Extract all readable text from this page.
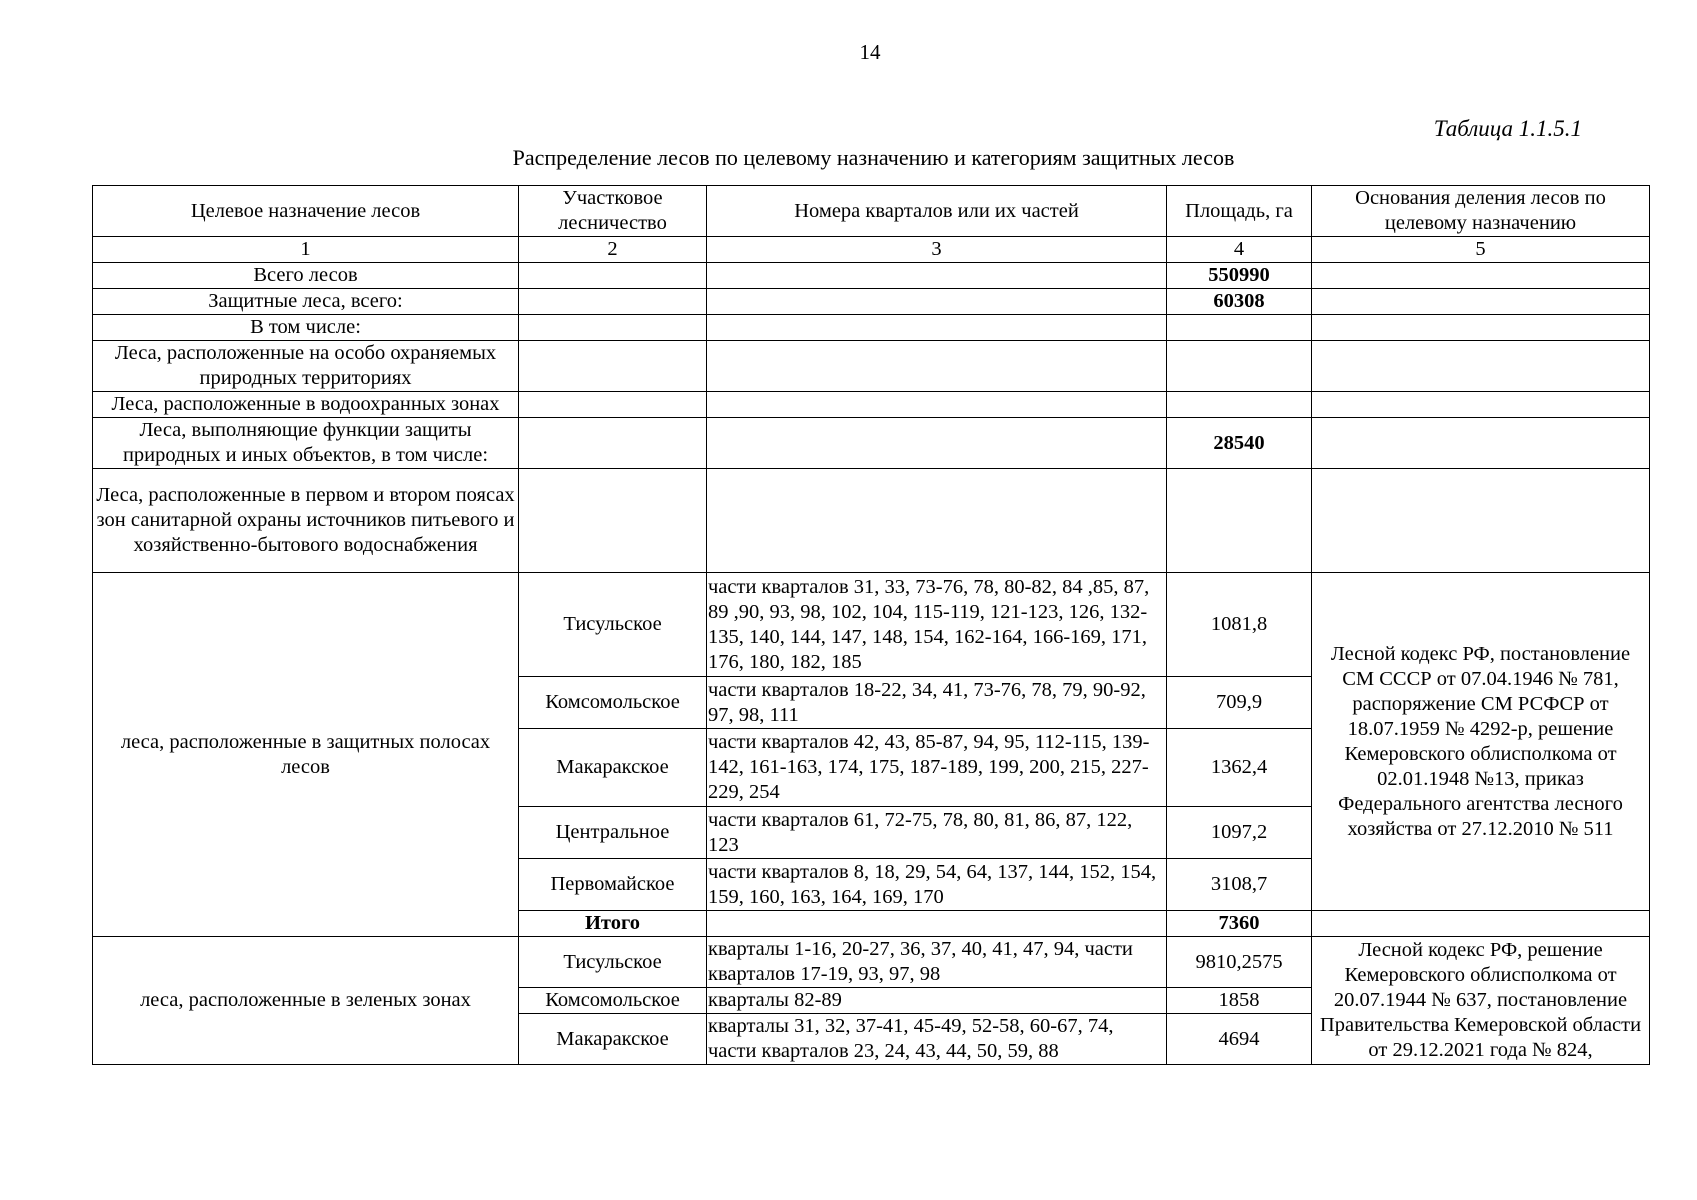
14
Таблица 1.1.5.1
Распределение лесов по целевому назначению и категориям защитных лесов
Целевое назначение лесов	Участковое лесничество	Номера кварталов или их частей	Площадь, га	Основания деления лесов по целевому назначению
1	2	3	4	5
Всего лесов			550990	
Защитные леса, всего:			60308	
В том числе:				
Леса, расположенные на особо охраняемых природных территориях				
Леса, расположенные в водоохранных зонах				
Леса, выполняющие функции защиты природных и иных объектов, в том числе:			28540	
Леса, расположенные в первом и втором поясах зон санитарной охраны источников питьевого и хозяйственно-бытового водоснабжения				
леса, расположенные в защитных полосах лесов	Тисульское	части кварталов 31, 33, 73-76, 78, 80-82, 84 ,85, 87, 89 ,90, 93, 98, 102, 104, 115-119, 121-123, 126, 132-135, 140, 144, 147, 148, 154, 162-164, 166-169, 171, 176, 180, 182, 185	1081,8	Лесной кодекс РФ, постановление СМ СССР от 07.04.1946 № 781, распоряжение СМ РСФСР от 18.07.1959 № 4292-р, решение Кемеровского облисполкома от 02.01.1948 №13, приказ Федерального агентства лесного хозяйства от 27.12.2010 № 511
	Комсомольское	части кварталов 18-22, 34, 41, 73-76, 78, 79, 90-92, 97, 98, 111	709,9	
	Макаракское	части кварталов 42, 43, 85-87, 94, 95, 112-115, 139-142, 161-163, 174, 175, 187-189, 199, 200, 215, 227-229, 254	1362,4	
	Центральное	части кварталов 61, 72-75, 78, 80, 81, 86, 87, 122, 123	1097,2	
	Первомайское	части кварталов 8, 18, 29, 54, 64, 137, 144, 152, 154, 159, 160, 163, 164, 169, 170	3108,7	
	Итого		7360	
леса, расположенные в зеленых зонах	Тисульское	кварталы 1-16, 20-27, 36, 37, 40, 41, 47, 94, части кварталов 17-19, 93, 97, 98	9810,2575	Лесной кодекс РФ, решение Кемеровского облисполкома от 20.07.1944 № 637, постановление Правительства Кемеровской области от 29.12.2021 года № 824,
	Комсомольское	кварталы 82-89	1858	
	Макаракское	кварталы 31, 32, 37-41, 45-49, 52-58, 60-67, 74, части кварталов 23, 24, 43, 44, 50, 59, 88	4694	
